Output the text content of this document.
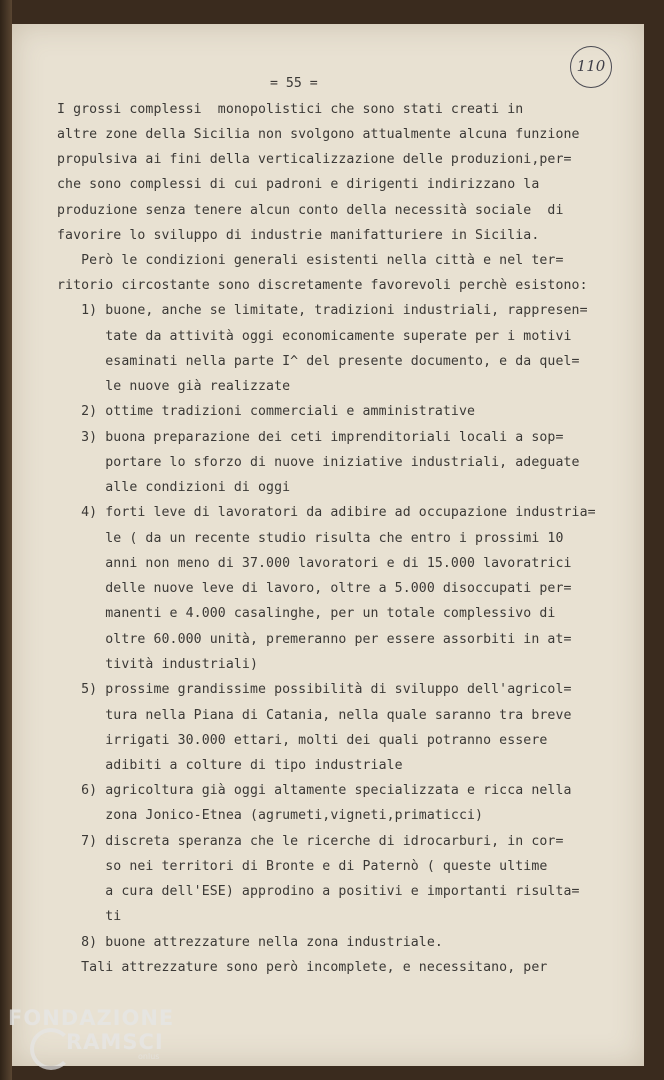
= 55 =
110
I grossi complessi  monopolistici che sono stati creati in
altre zone della Sicilia non svolgono attualmente alcuna funzione
propulsiva ai fini della verticalizzazione delle produzioni,per=
che sono complessi di cui padroni e dirigenti indirizzano la
produzione senza tenere alcun conto della necessità sociale  di
favorire lo sviluppo di industrie manifatturiere in Sicilia.
Però le condizioni generali esistenti nella città e nel ter=
ritorio circostante sono discretamente favorevoli perchè esistono:
1) buone, anche se limitate, tradizioni industriali, rappresen=
tate da attività oggi economicamente superate per i motivi
esaminati nella parte I^ del presente documento, e da quel=
le nuove già realizzate
2) ottime tradizioni commerciali e amministrative
3) buona preparazione dei ceti imprenditoriali locali a sop=
portare lo sforzo di nuove iniziative industriali, adeguate
alle condizioni di oggi
4) forti leve di lavoratori da adibire ad occupazione industria=
le ( da un recente studio risulta che entro i prossimi 10
anni non meno di 37.000 lavoratori e di 15.000 lavoratrici
delle nuove leve di lavoro, oltre a 5.000 disoccupati per=
manenti e 4.000 casalinghe, per un totale complessivo di
oltre 60.000 unità, premeranno per essere assorbiti in at=
tività industriali)
5) prossime grandissime possibilità di sviluppo dell'agricol=
tura nella Piana di Catania, nella quale saranno tra breve
irrigati 30.000 ettari, molti dei quali potranno essere
adibiti a colture di tipo industriale
6) agricoltura già oggi altamente specializzata e ricca nella
zona Jonico-Etnea (agrumeti,vigneti,primaticci)
7) discreta speranza che le ricerche di idrocarburi, in cor=
so nei territori di Bronte e di Paternò ( queste ultime
a cura dell'ESE) approdino a positivi e importanti risulta=
ti
8) buone attrezzature nella zona industriale.
Tali attrezzature sono però incomplete, e necessitano, per
FONDAZIONE
RAMSCI
onlus
